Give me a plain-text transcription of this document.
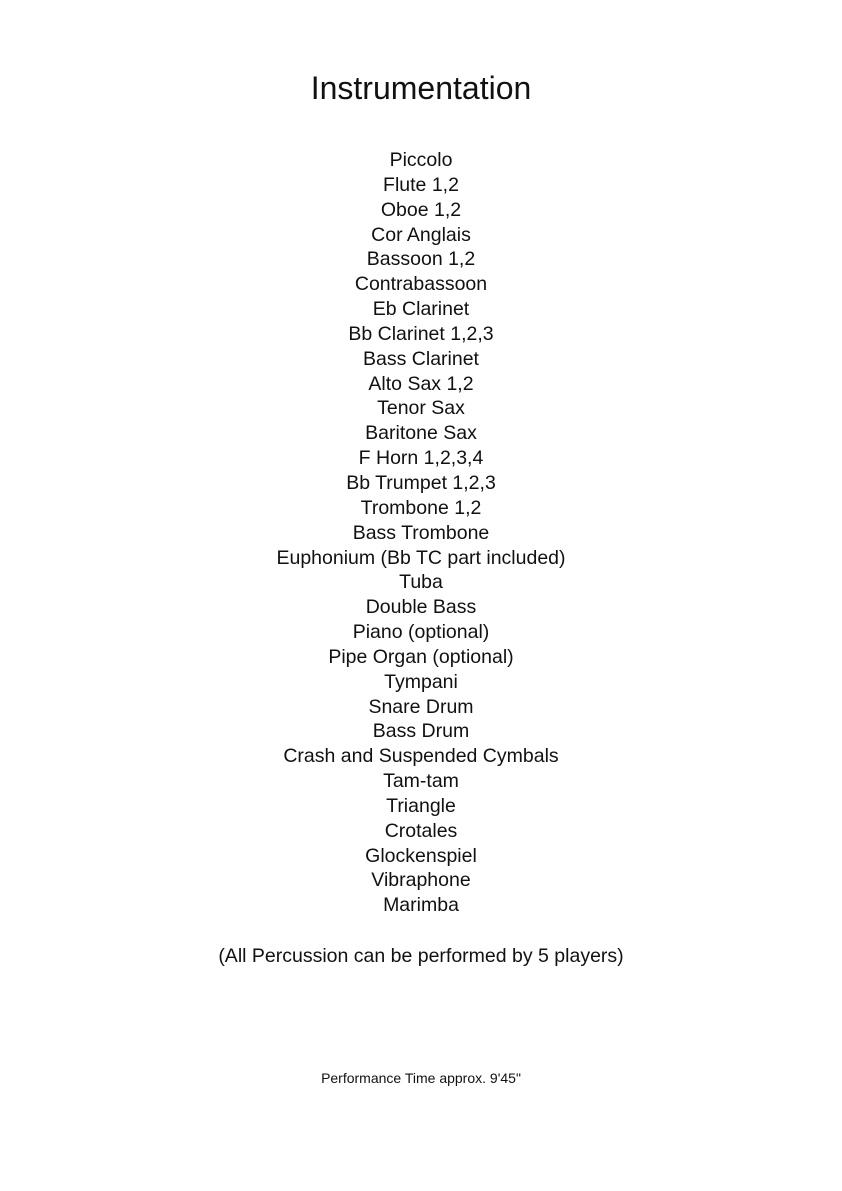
Instrumentation
Piccolo
Flute 1,2
Oboe 1,2
Cor Anglais
Bassoon 1,2
Contrabassoon
Eb Clarinet
Bb Clarinet 1,2,3
Bass Clarinet
Alto Sax 1,2
Tenor Sax
Baritone Sax
F Horn 1,2,3,4
Bb Trumpet 1,2,3
Trombone 1,2
Bass Trombone
Euphonium (Bb TC part included)
Tuba
Double Bass
Piano (optional)
Pipe Organ (optional)
Tympani
Snare Drum
Bass Drum
Crash and Suspended Cymbals
Tam-tam
Triangle
Crotales
Glockenspiel
Vibraphone
Marimba

(All Percussion can be performed by 5 players)

Performance Time approx. 9'45"
